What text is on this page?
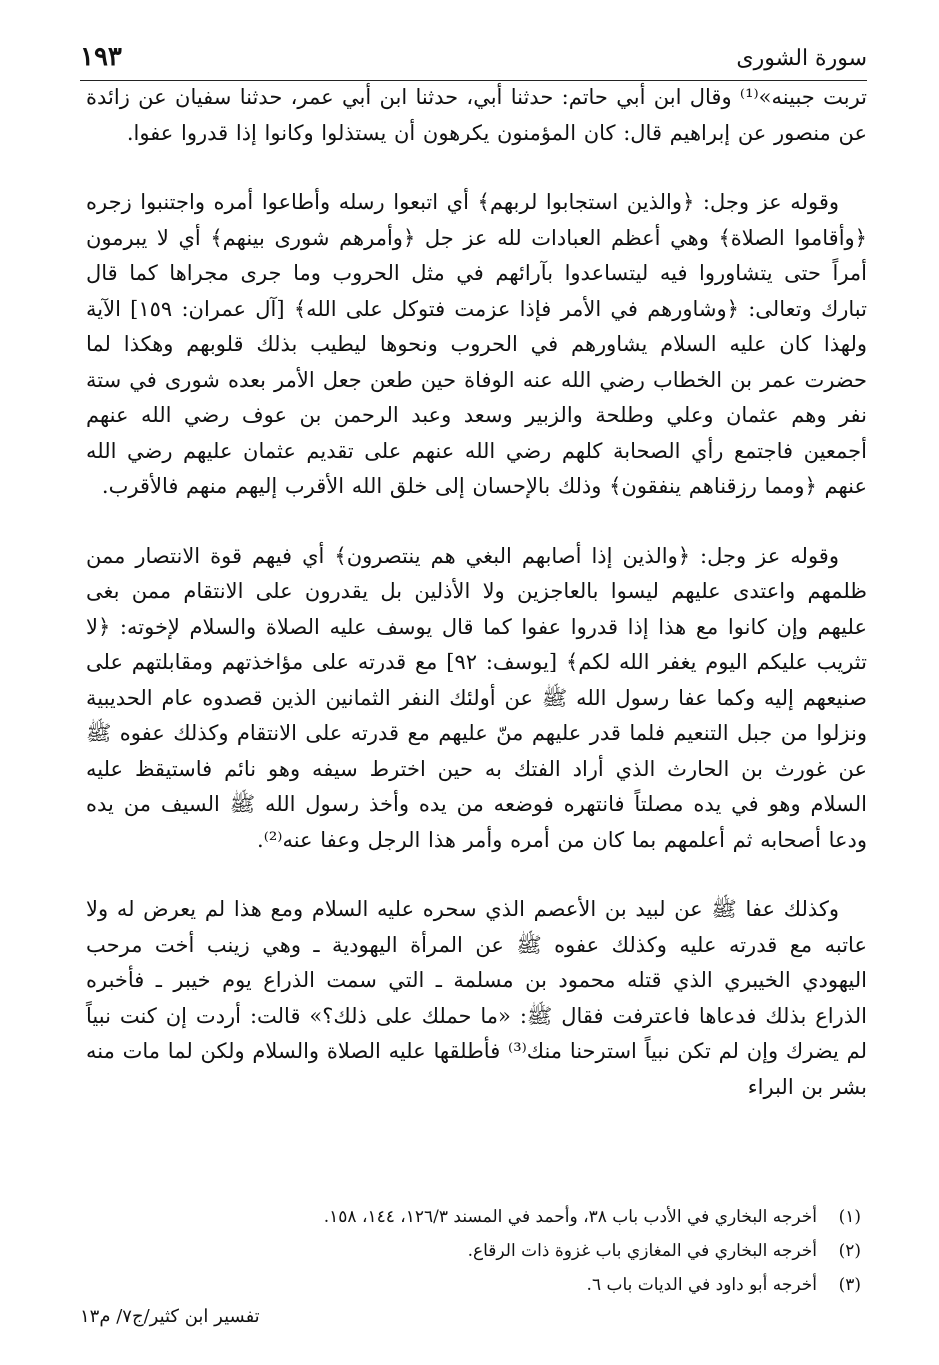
سورة الشورى
١٩٣

تربت جبينه»⁽¹⁾ وقال ابن أبي حاتم: حدثنا أبي، حدثنا ابن أبي عمر، حدثنا سفيان عن زائدة عن منصور عن إبراهيم قال: كان المؤمنون يكرهون أن يستذلوا وكانوا إذا قدروا عفوا.

وقوله عز وجل: ﴿والذين استجابوا لربهم﴾ أي اتبعوا رسله وأطاعوا أمره واجتنبوا زجره ﴿وأقاموا الصلاة﴾ وهي أعظم العبادات لله عز جل ﴿وأمرهم شورى بينهم﴾ أي لا يبرمون أمراً حتى يتشاوروا فيه ليتساعدوا بآرائهم في مثل الحروب وما جرى مجراها كما قال تبارك وتعالى: ﴿وشاورهم في الأمر فإذا عزمت فتوكل على الله﴾ [آل عمران: ١٥٩] الآية ولهذا كان عليه السلام يشاورهم في الحروب ونحوها ليطيب بذلك قلوبهم وهكذا لما حضرت عمر بن الخطاب رضي الله عنه الوفاة حين طعن جعل الأمر بعده شورى في ستة نفر وهم عثمان وعلي وطلحة والزبير وسعد وعبد الرحمن بن عوف رضي الله عنهم أجمعين فاجتمع رأي الصحابة كلهم رضي الله عنهم على تقديم عثمان عليهم رضي الله عنهم ﴿ومما رزقناهم ينفقون﴾ وذلك بالإحسان إلى خلق الله الأقرب إليهم منهم فالأقرب.

وقوله عز وجل: ﴿والذين إذا أصابهم البغي هم ينتصرون﴾ أي فيهم قوة الانتصار ممن ظلمهم واعتدى عليهم ليسوا بالعاجزين ولا الأذلين بل يقدرون على الانتقام ممن بغى عليهم وإن كانوا مع هذا إذا قدروا عفوا كما قال يوسف عليه الصلاة والسلام لإخوته: ﴿لا تثريب عليكم اليوم يغفر الله لكم﴾ [يوسف: ٩٢] مع قدرته على مؤاخذتهم ومقابلتهم على صنيعهم إليه وكما عفا رسول الله ﷺ عن أولئك النفر الثمانين الذين قصدوه عام الحديبية ونزلوا من جبل التنعيم فلما قدر عليهم منّ عليهم مع قدرته على الانتقام وكذلك عفوه ﷺ عن غورث بن الحارث الذي أراد الفتك به حين اخترط سيفه وهو نائم فاستيقظ عليه السلام وهو في يده مصلتاً فانتهره فوضعه من يده وأخذ رسول الله ﷺ السيف من يده ودعا أصحابه ثم أعلمهم بما كان من أمره وأمر هذا الرجل وعفا عنه⁽²⁾.

وكذلك عفا ﷺ عن لبيد بن الأعصم الذي سحره عليه السلام ومع هذا لم يعرض له ولا عاتبه مع قدرته عليه وكذلك عفوه ﷺ عن المرأة اليهودية ـ وهي زينب أخت مرحب اليهودي الخيبري الذي قتله محمود بن مسلمة ـ التي سمت الذراع يوم خيبر ـ فأخبره الذراع بذلك فدعاها فاعترفت فقال ﷺ: «ما حملك على ذلك؟» قالت: أردت إن كنت نبياً لم يضرك وإن لم تكن نبياً استرحنا منك⁽³⁾ فأطلقها عليه الصلاة والسلام ولكن لما مات منه بشر بن البراء

(١)
أخرجه البخاري في الأدب باب ٣٨، وأحمد في المسند ١٢٦/٣، ١٤٤، ١٥٨.
(٢)
أخرجه البخاري في المغازي باب غزوة ذات الرقاع.
(٣)
أخرجه أبو داود في الديات باب ٦.
تفسير ابن كثير/ج٧/ م١٣
